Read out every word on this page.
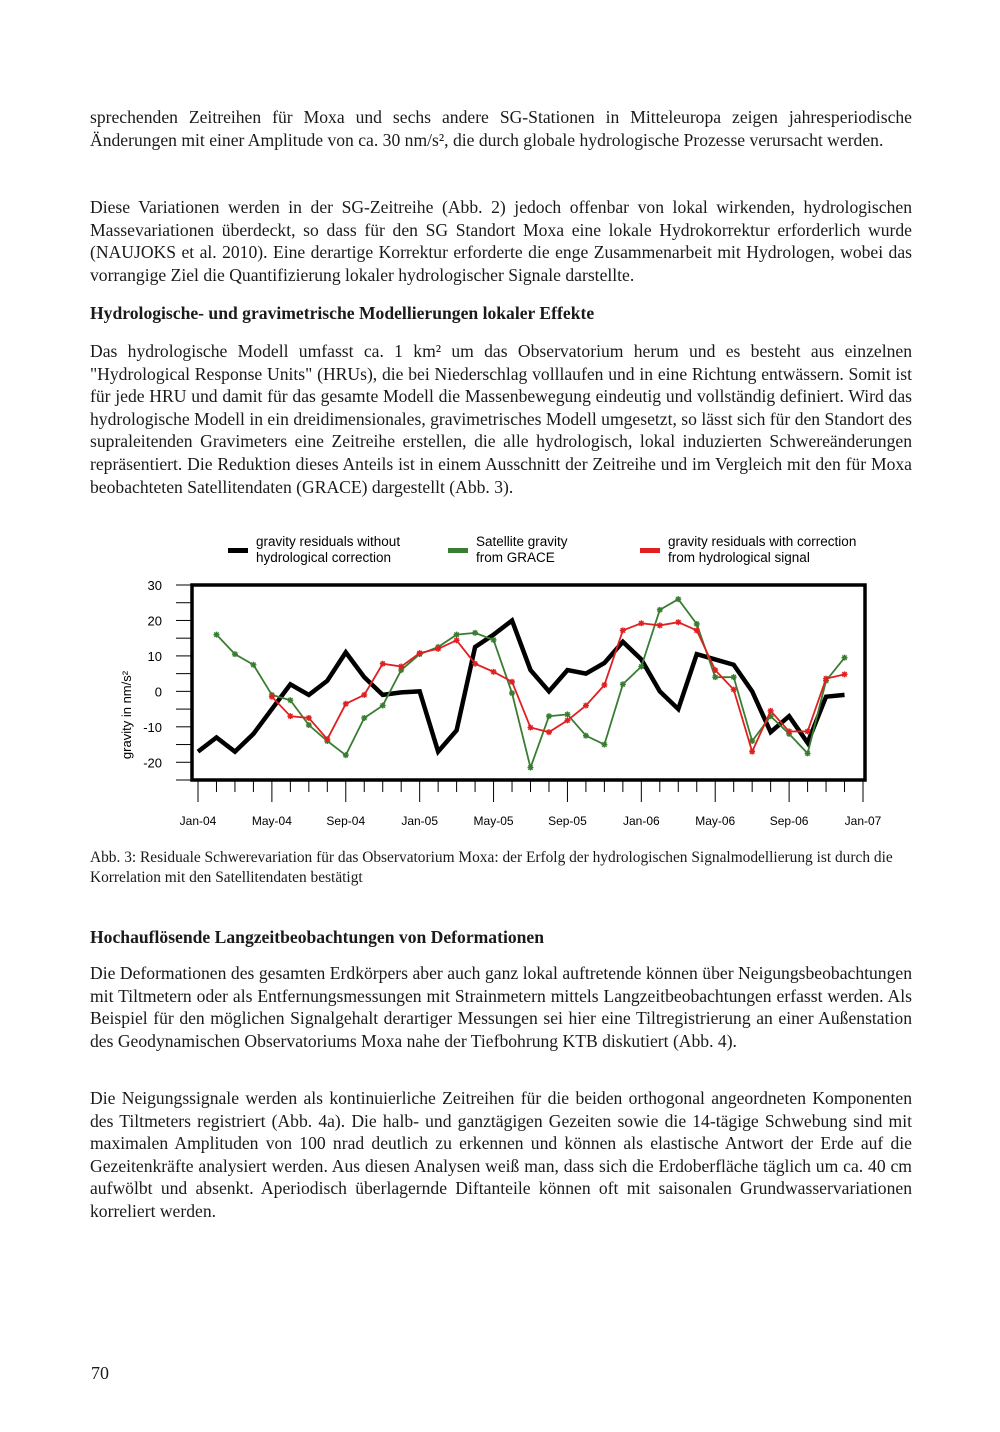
sprechenden Zeitreihen für Moxa und sechs andere SG-Stationen in Mitteleuropa zeigen jahresperiodische Änderungen mit einer Amplitude von ca. 30 nm/s², die durch globale hydrologische Prozesse verursacht werden.

Diese Variationen werden in der SG-Zeitreihe (Abb. 2) jedoch offenbar von lokal wirkenden, hydrologischen Massevariationen überdeckt, so dass für den SG Standort Moxa eine lokale Hydrokorrektur erforderlich wurde (NAUJOKS et al. 2010). Eine derartige Korrektur erforderte die enge Zusammenarbeit mit Hydrologen, wobei das vorrangige Ziel die Quantifizierung lokaler hydrologischer Signale darstellte.

Hydrologische- und gravimetrische Modellierungen lokaler Effekte

Das hydrologische Modell umfasst ca. 1 km² um das Observatorium herum und es besteht aus einzelnen "Hydrological Response Units" (HRUs), die bei Niederschlag volllaufen und in eine Richtung entwässern. Somit ist für jede HRU und damit für das gesamte Modell die Massenbewegung eindeutig und vollständig definiert. Wird das hydrologische Modell in ein dreidimensionales, gravimetrisches Modell umgesetzt, so lässt sich für den Standort des supraleitenden Gravimeters eine Zeitreihe erstellen, die alle hydrologisch, lokal induzierten Schwereänderungen repräsentiert. Die Reduktion dieses Anteils ist in einem Ausschnitt der Zeitreihe und im Vergleich mit den für Moxa beobachteten Satellitendaten (GRACE) dargestellt (Abb. 3).

gravity residuals without
hydrological correction
Satellite gravity
from GRACE
gravity residuals with correction
from hydrological signal
30
20
10
0
-10
-20
Jan-04	May-04	Sep-04	Jan-05	May-05	Sep-05	Jan-06	May-06	Sep-06	Jan-07
gravity in nm/s²

Abb. 3: Residuale Schwerevariation für das Observatorium Moxa: der Erfolg der hydrologischen Signalmodellierung ist durch die Korrelation mit den Satellitendaten bestätigt

Hochauflösende Langzeitbeobachtungen von Deformationen

Die Deformationen des gesamten Erdkörpers aber auch ganz lokal auftretende können über Neigungsbeobachtungen mit Tiltmetern oder als Entfernungsmessungen mit Strainmetern mittels Langzeitbeobachtungen erfasst werden. Als Beispiel für den möglichen Signalgehalt derartiger Messungen sei hier eine Tiltregistrierung an einer Außenstation des Geodynamischen Observatoriums Moxa nahe der Tiefbohrung KTB diskutiert (Abb. 4).

Die Neigungssignale werden als kontinuierliche Zeitreihen für die beiden orthogonal angeordneten Komponenten des Tiltmeters registriert (Abb. 4a). Die halb- und ganztägigen Gezeiten sowie die 14-tägige Schwebung sind mit maximalen Amplituden von 100 nrad deutlich zu erkennen und können als elastische Antwort der Erde auf die Gezeitenkräfte analysiert werden. Aus diesen Analysen weiß man, dass sich die Erdoberfläche täglich um ca. 40 cm aufwölbt und absenkt. Aperiodisch überlagernde Diftanteile können oft mit saisonalen Grundwasservariationen korreliert werden.

70
